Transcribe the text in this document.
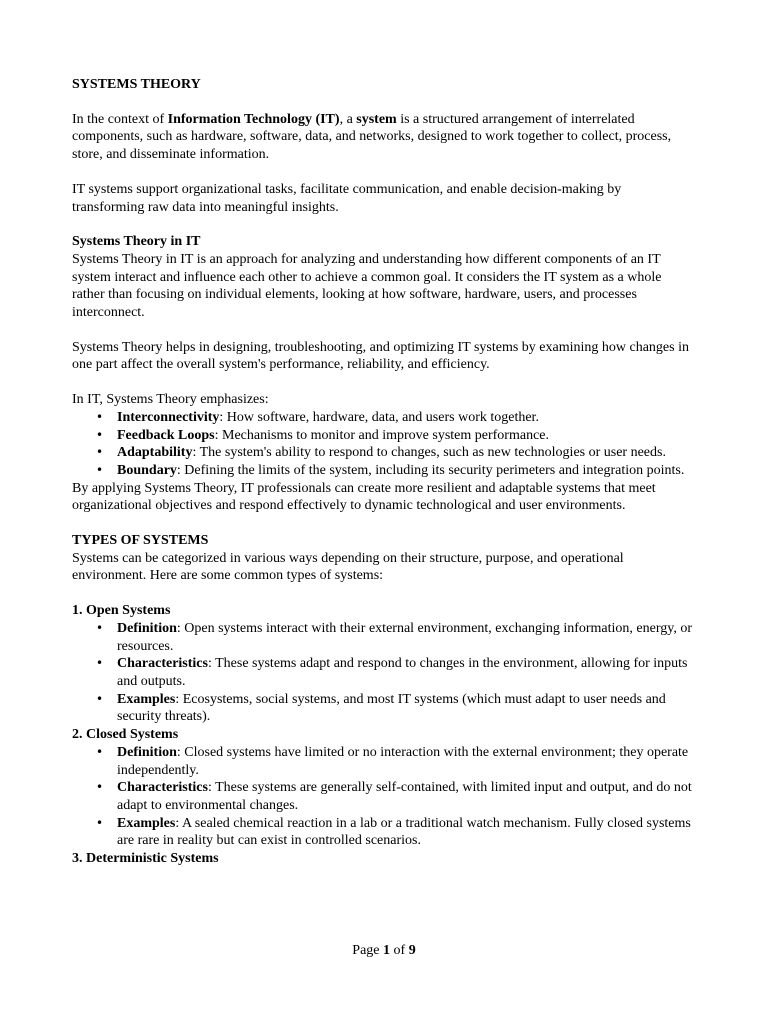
SYSTEMS THEORY

In the context of Information Technology (IT), a system is a structured arrangement of interrelated components, such as hardware, software, data, and networks, designed to work together to collect, process, store, and disseminate information.

IT systems support organizational tasks, facilitate communication, and enable decision-making by transforming raw data into meaningful insights.

Systems Theory in IT

Systems Theory in IT is an approach for analyzing and understanding how different components of an IT system interact and influence each other to achieve a common goal. It considers the IT system as a whole rather than focusing on individual elements, looking at how software, hardware, users, and processes interconnect.

Systems Theory helps in designing, troubleshooting, and optimizing IT systems by examining how changes in one part affect the overall system's performance, reliability, and efficiency.

In IT, Systems Theory emphasizes:

• Interconnectivity: How software, hardware, data, and users work together.
• Feedback Loops: Mechanisms to monitor and improve system performance.
• Adaptability: The system's ability to respond to changes, such as new technologies or user needs.
• Boundary: Defining the limits of the system, including its security perimeters and integration points.

By applying Systems Theory, IT professionals can create more resilient and adaptable systems that meet organizational objectives and respond effectively to dynamic technological and user environments.

TYPES OF SYSTEMS

Systems can be categorized in various ways depending on their structure, purpose, and operational environment. Here are some common types of systems:

1. Open Systems

• Definition: Open systems interact with their external environment, exchanging information, energy, or resources.
• Characteristics: These systems adapt and respond to changes in the environment, allowing for inputs and outputs.
• Examples: Ecosystems, social systems, and most IT systems (which must adapt to user needs and security threats).

2. Closed Systems

• Definition: Closed systems have limited or no interaction with the external environment; they operate independently.
• Characteristics: These systems are generally self-contained, with limited input and output, and do not adapt to environmental changes.
• Examples: A sealed chemical reaction in a lab or a traditional watch mechanism. Fully closed systems are rare in reality but can exist in controlled scenarios.

3. Deterministic Systems

Page 1 of 9
